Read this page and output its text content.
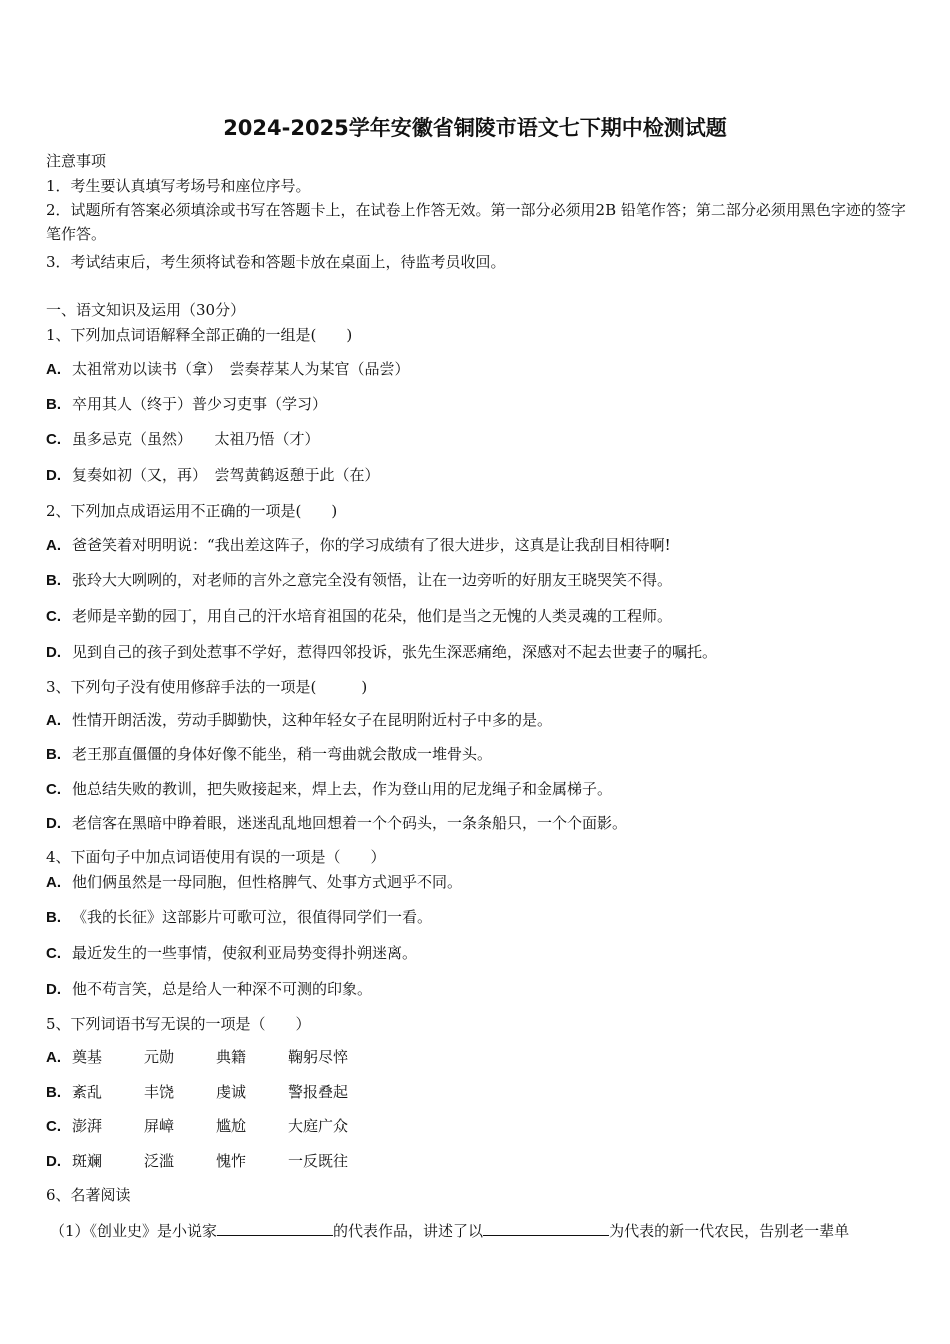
2024-2025学年安徽省铜陵市语文七下期中检测试题
注意事项
1．考生要认真填写考场号和座位序号。
2．试题所有答案必须填涂或书写在答题卡上，在试卷上作答无效。第一部分必须用2B 铅笔作答；第二部分必须用黑色字迹的签字笔作答。
3．考试结束后，考生须将试卷和答题卡放在桌面上，待监考员收回。
一、语文知识及运用（30分）
1、下列加点词语解释全部正确的一组是(　　)
A. 太祖常劝以读书（拿）　尝奏荐某人为某官（品尝）
B. 卒用其人（终于）普少习吏事（学习）
C. 虽多忌克（虽然）　　太祖乃悟（才）
D. 复奏如初（又，再）　尝驾黄鹤返憩于此（在）
2、下列加点成语运用不正确的一项是(　　)
A. 爸爸笑着对明明说：“我出差这阵子，你的学习成绩有了很大进步，这真是让我刮目相待啊!
B. 张玲大大咧咧的，对老师的言外之意完全没有领悟，让在一边旁听的好朋友王晓哭笑不得。
C. 老师是辛勤的园丁，用自己的汗水培育祖国的花朵，他们是当之无愧的人类灵魂的工程师。
D. 见到自己的孩子到处惹事不学好，惹得四邻投诉，张先生深恶痛绝，深感对不起去世妻子的嘱托。
3、下列句子没有使用修辞手法的一项是(　　　)
A. 性情开朗活泼，劳动手脚勤快，这种年轻女子在昆明附近村子中多的是。
B. 老王那直僵僵的身体好像不能坐，稍一弯曲就会散成一堆骨头。
C. 他总结失败的教训，把失败接起来，焊上去，作为登山用的尼龙绳子和金属梯子。
D. 老信客在黑暗中睁着眼，迷迷乱乱地回想着一个个码头，一条条船只，一个个面影。
4、下面句子中加点词语使用有误的一项是（　　）
A. 他们俩虽然是一母同胞，但性格脾气、处事方式迥乎不同。
B. 《我的长征》这部影片可歌可泣，很值得同学们一看。
C. 最近发生的一些事情，使叙利亚局势变得扑朔迷离。
D. 他不苟言笑，总是给人一种深不可测的印象。
5、下列词语书写无误的一项是（　　）
A. 奠基	元勋	典籍	鞠躬尽悴
B. 紊乱	丰饶	虔诚	警报叠起
C. 澎湃	屏嶂	尴尬	大庭广众
D. 斑斓	泛滥	愧怍	一反既往
6、名著阅读
（1）《创业史》是小说家	的代表作品，讲述了以	为代表的新一代农民，告别老一辈单
